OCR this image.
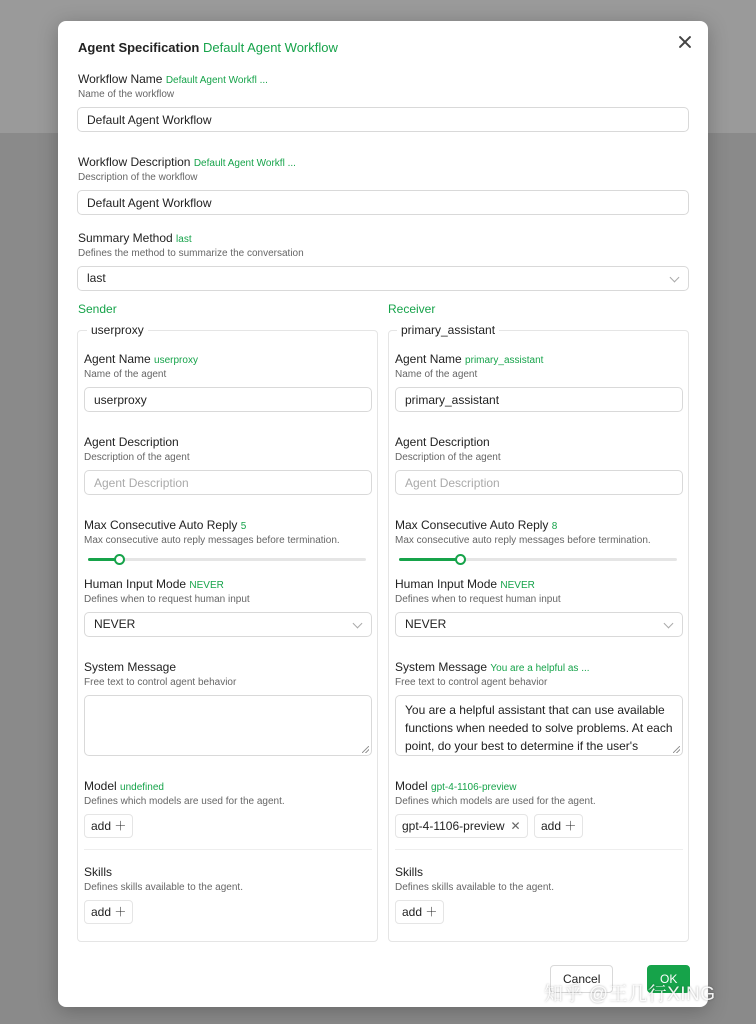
Agent Specification Default Agent Workflow
Workflow Name Default Agent Workfl ...
Name of the workflow
Default Agent Workflow
Workflow Description Default Agent Workfl ...
Description of the workflow
Default Agent Workflow
Summary Method last
Defines the method to summarize the conversation
last
Sender	Receiver
userproxy	primary_assistant
Agent Name userproxy
Name of the agent
userproxy
Agent Description
Description of the agent
Agent Description
Max Consecutive Auto Reply 5
Max consecutive auto reply messages before termination.
Human Input Mode NEVER
Defines when to request human input
NEVER
System Message
Free text to control agent behavior
Model undefined
Defines which models are used for the agent.
add ＋
Skills
Defines skills available to the agent.
add ＋
Agent Name primary_assistant
Name of the agent
primary_assistant
Agent Description
Description of the agent
Agent Description
Max Consecutive Auto Reply 8
Max consecutive auto reply messages before termination.
Human Input Mode NEVER
Defines when to request human input
NEVER
System Message You are a helpful as ...
Free text to control agent behavior
You are a helpful assistant that can use available functions when needed to solve problems. At each point, do your best to determine if the user's
Model gpt-4-1106-preview
Defines which models are used for the agent.
gpt-4-1106-preview ✕	add ＋
Skills
Defines skills available to the agent.
add ＋
Cancel	OK
知乎 @王几行XING
